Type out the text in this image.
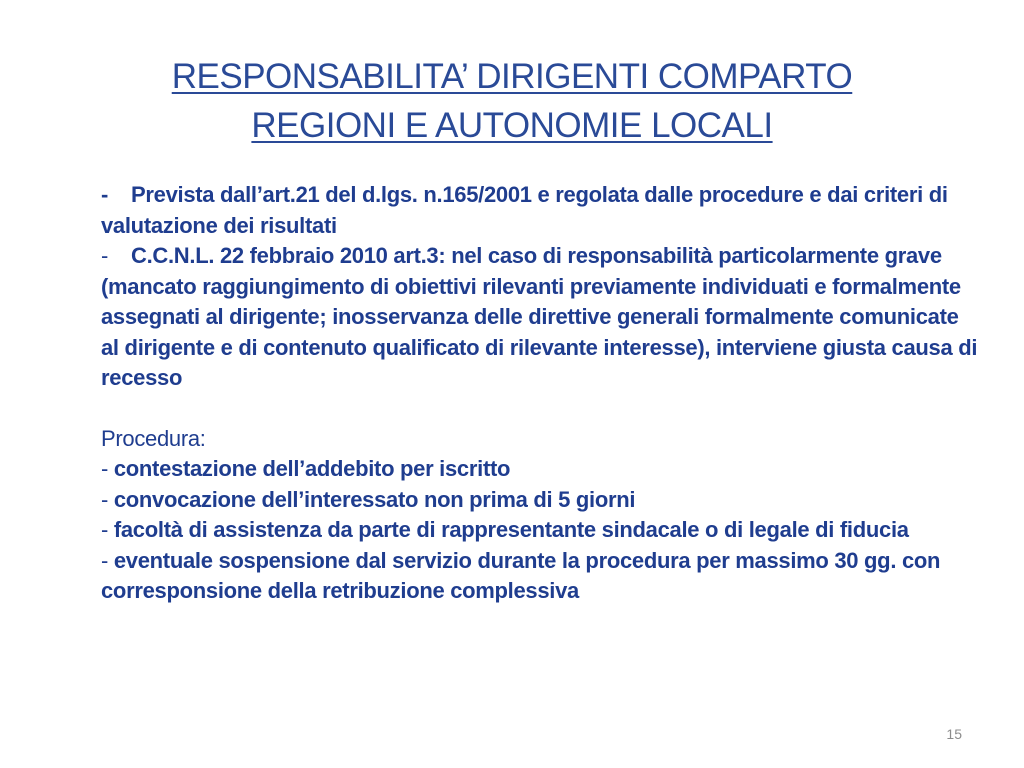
RESPONSABILITA’ DIRIGENTI COMPARTO
REGIONI E AUTONOMIE LOCALI

- Prevista dall’art.21 del d.lgs. n.165/2001 e regolata dalle procedure e dai criteri di valutazione dei risultati

- C.C.N.L. 22 febbraio 2010 art.3: nel caso di responsabilità particolarmente grave (mancato raggiungimento di obiettivi rilevanti previamente individuati e formalmente assegnati al dirigente; inosservanza delle direttive generali formalmente comunicate al dirigente e di contenuto qualificato di rilevante interesse), interviene giusta causa di recesso

Procedura:

- contestazione dell’addebito per iscritto

- convocazione dell’interessato non prima di 5 giorni

- facoltà di assistenza da parte di rappresentante sindacale o di legale di fiducia

- eventuale sospensione dal servizio durante la procedura per massimo 30 gg. con corresponsione della retribuzione complessiva

15
